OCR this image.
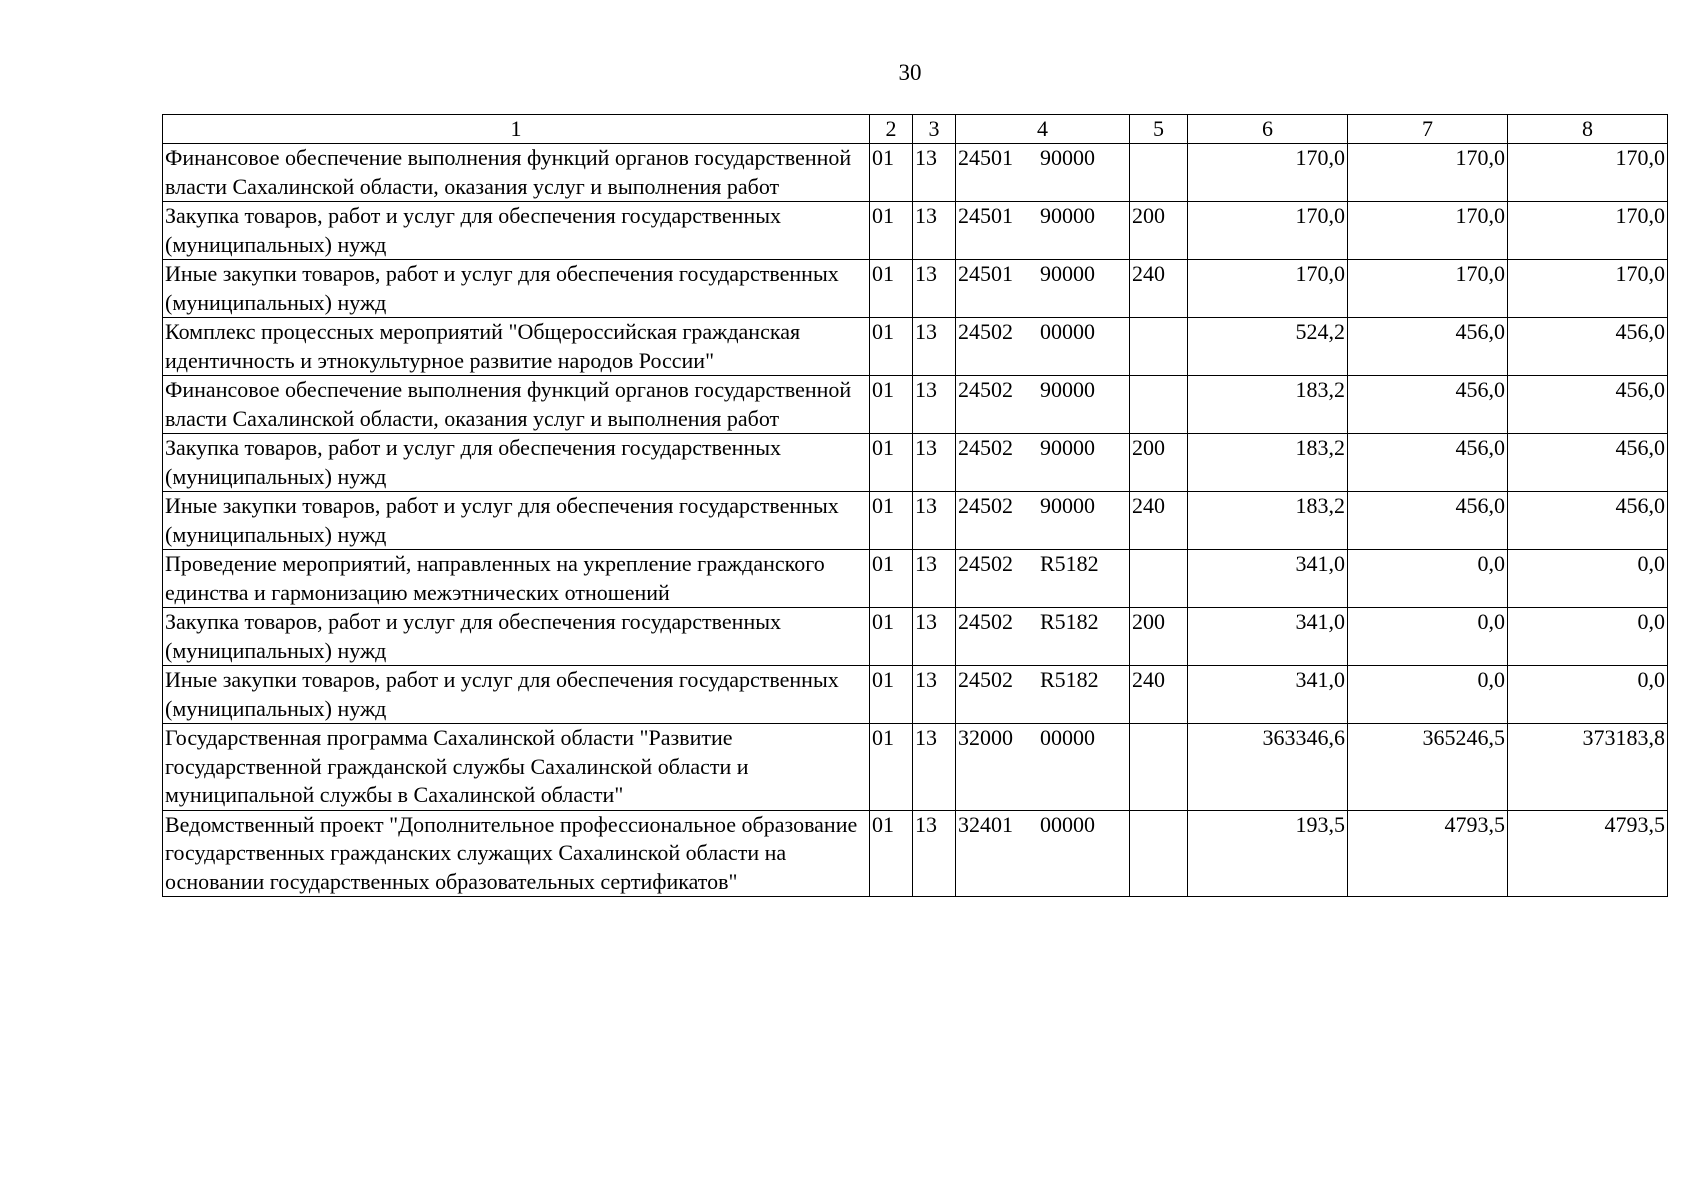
30
1	2	3	4	5	6	7	8
Финансовое обеспечение выполнения функций органов государственной власти Сахалинской области, оказания услуг и выполнения работ	01	13	24501 90000		170,0	170,0	170,0
Закупка товаров, работ и услуг для обеспечения государственных (муниципальных) нужд	01	13	24501 90000	200	170,0	170,0	170,0
Иные закупки товаров, работ и услуг для обеспечения государственных (муниципальных) нужд	01	13	24501 90000	240	170,0	170,0	170,0
Комплекс процессных мероприятий "Общероссийская гражданская идентичность и этнокультурное развитие народов России"	01	13	24502 00000		524,2	456,0	456,0
Финансовое обеспечение выполнения функций органов государственной власти Сахалинской области, оказания услуг и выполнения работ	01	13	24502 90000		183,2	456,0	456,0
Закупка товаров, работ и услуг для обеспечения государственных (муниципальных) нужд	01	13	24502 90000	200	183,2	456,0	456,0
Иные закупки товаров, работ и услуг для обеспечения государственных (муниципальных) нужд	01	13	24502 90000	240	183,2	456,0	456,0
Проведение мероприятий, направленных на укрепление гражданского единства и гармонизацию межэтнических отношений	01	13	24502 R5182		341,0	0,0	0,0
Закупка товаров, работ и услуг для обеспечения государственных (муниципальных) нужд	01	13	24502 R5182	200	341,0	0,0	0,0
Иные закупки товаров, работ и услуг для обеспечения государственных (муниципальных) нужд	01	13	24502 R5182	240	341,0	0,0	0,0
Государственная программа Сахалинской области "Развитие государственной гражданской службы Сахалинской области и муниципальной службы в Сахалинской области"	01	13	32000 00000		363346,6	365246,5	373183,8
Ведомственный проект "Дополнительное профессиональное образование государственных гражданских служащих Сахалинской области на основании государственных образовательных сертификатов"	01	13	32401 00000		193,5	4793,5	4793,5
